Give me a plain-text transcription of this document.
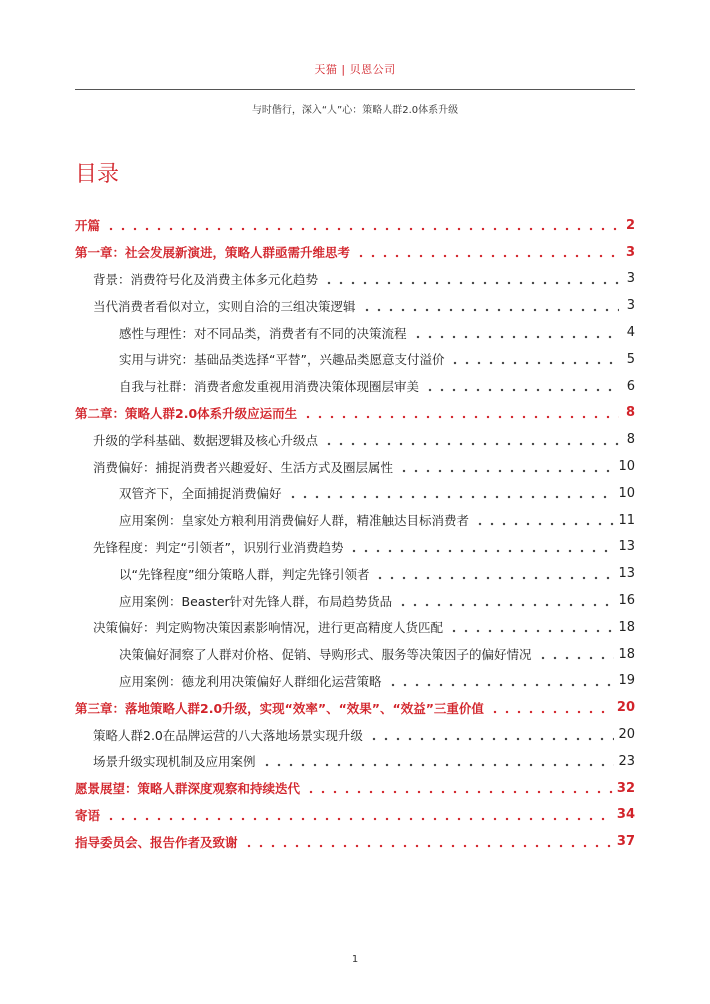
天猫 | 贝恩公司
与时偕行，深入“人”心：策略人群2.0体系升级
目录
开篇	2
第一章：社会发展新演进，策略人群亟需升维思考	3
背景：消费符号化及消费主体多元化趋势	3
当代消费者看似对立，实则自洽的三组决策逻辑	3
感性与理性：对不同品类，消费者有不同的决策流程	4
实用与讲究：基础品类选择“平替”，兴趣品类愿意支付溢价	5
自我与社群：消费者愈发重视用消费决策体现圈层审美	6
第二章：策略人群2.0体系升级应运而生	8
升级的学科基础、数据逻辑及核心升级点	8
消费偏好：捕捉消费者兴趣爱好、生活方式及圈层属性	10
双管齐下，全面捕捉消费偏好	10
应用案例：皇家处方粮利用消费偏好人群，精准触达目标消费者	11
先锋程度：判定“引领者”，识别行业消费趋势	13
以“先锋程度”细分策略人群，判定先锋引领者	13
应用案例：Beaster针对先锋人群，布局趋势货品	16
决策偏好：判定购物决策因素影响情况，进行更高精度人货匹配	18
决策偏好洞察了人群对价格、促销、导购形式、服务等决策因子的偏好情况	18
应用案例：德龙利用决策偏好人群细化运营策略	19
第三章：落地策略人群2.0升级，实现“效率”、“效果”、“效益”三重价值	20
策略人群2.0在品牌运营的八大落地场景实现升级	20
场景升级实现机制及应用案例	23
愿景展望：策略人群深度观察和持续迭代	32
寄语	34
指导委员会、报告作者及致谢	37
1
